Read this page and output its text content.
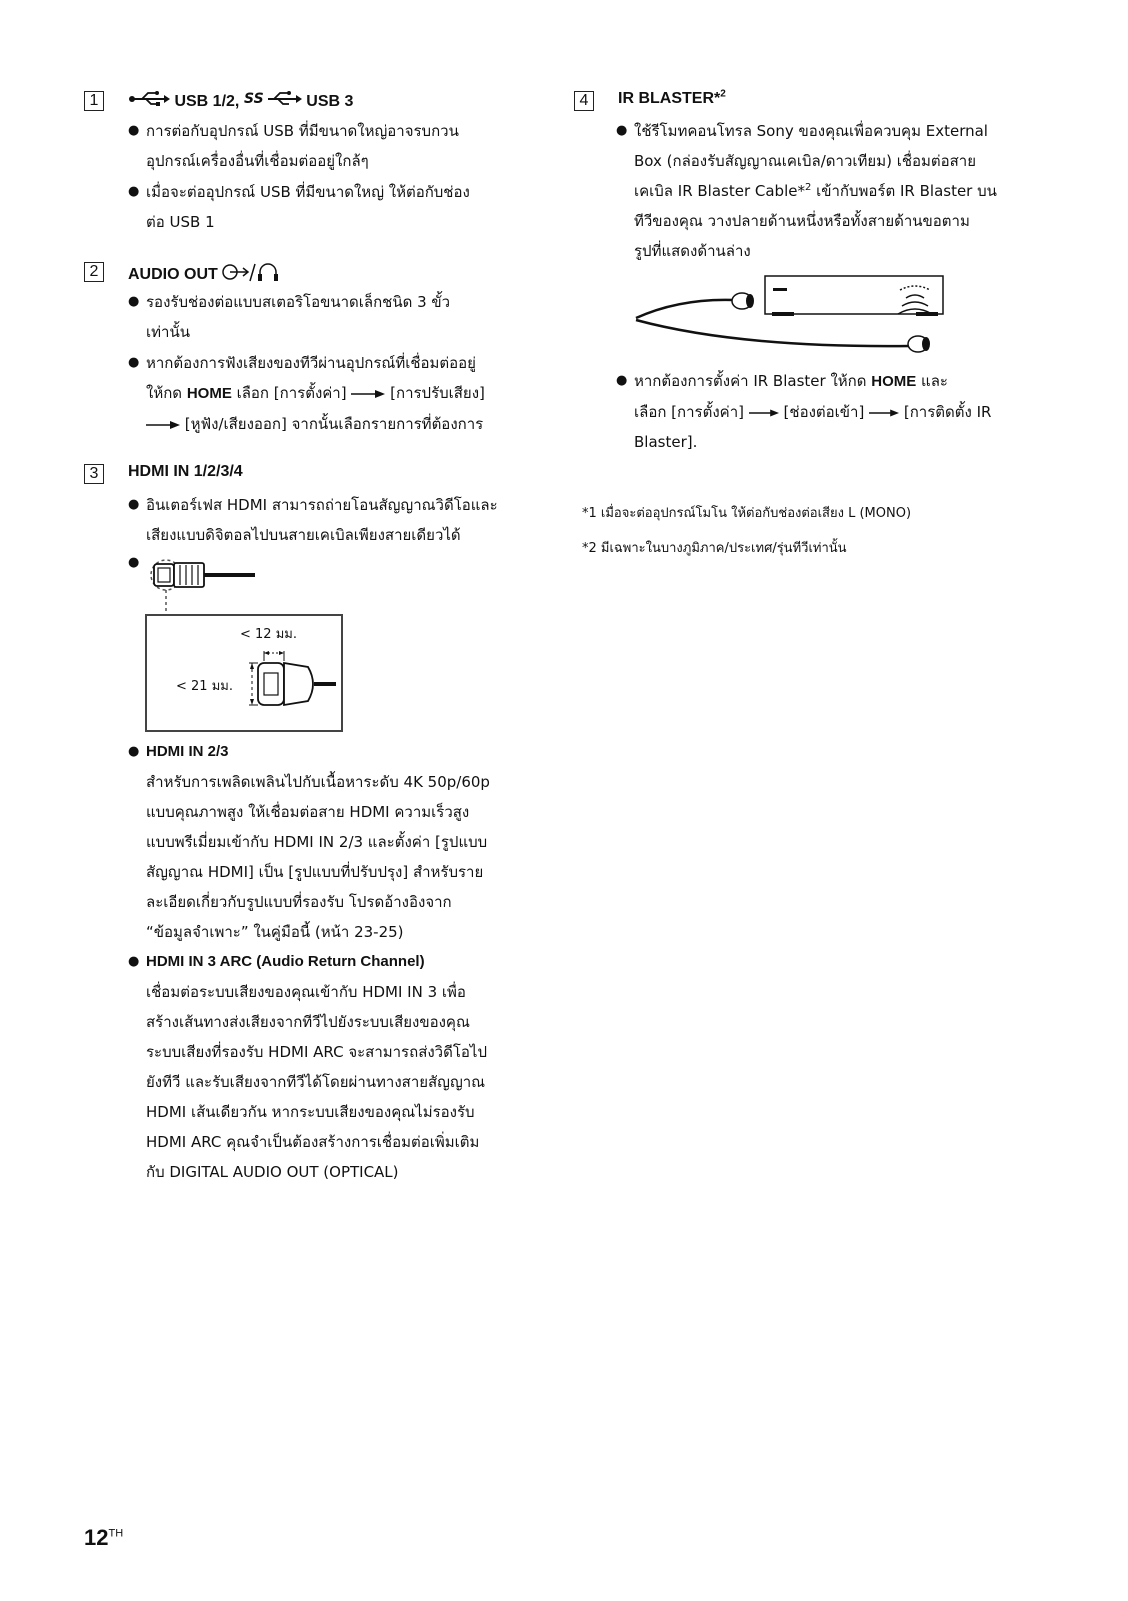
1	USB 1/2, SS	USB 3
● การต่อกับอุปกรณ์ USB ที่มีขนาดใหญ่อาจรบกวน
อุปกรณ์เครื่องอื่นที่เชื่อมต่ออยู่ใกล้ๆ
● เมื่อจะต่ออุปกรณ์ USB ที่มีขนาดใหญ่ ให้ต่อกับช่อง
ต่อ USB 1
2	AUDIO OUT
● รองรับช่องต่อแบบสเตอริโอขนาดเล็กชนิด 3 ขั้ว
เท่านั้น
● หากต้องการฟังเสียงของทีวีผ่านอุปกรณ์ที่เชื่อมต่ออยู่
ให้กด HOME เลือก [การตั้งค่า]	[การปรับเสียง]
[หูฟัง/เสียงออก] จากนั้นเลือกรายการที่ต้องการ
3	HDMI IN 1/2/3/4
● อินเตอร์เฟส HDMI สามารถถ่ายโอนสัญญาณวิดีโอและ
เสียงแบบดิจิตอลไปบนสายเคเบิลเพียงสายเดียวได้
●
< 12 มม.
< 21 มม.
● HDMI IN 2/3
สำหรับการเพลิดเพลินไปกับเนื้อหาระดับ 4K 50p/60p
แบบคุณภาพสูง ให้เชื่อมต่อสาย HDMI ความเร็วสูง
แบบพรีเมี่ยมเข้ากับ HDMI IN 2/3 และตั้งค่า [รูปแบบ
สัญญาณ HDMI] เป็น [รูปแบบที่ปรับปรุง] สำหรับราย
ละเอียดเกี่ยวกับรูปแบบที่รองรับ โปรดอ้างอิงจาก
“ข้อมูลจำเพาะ” ในคู่มือนี้ (หน้า 23-25)
● HDMI IN 3 ARC (Audio Return Channel)
เชื่อมต่อระบบเสียงของคุณเข้ากับ HDMI IN 3 เพื่อ
สร้างเส้นทางส่งเสียงจากทีวีไปยังระบบเสียงของคุณ
ระบบเสียงที่รองรับ HDMI ARC จะสามารถส่งวิดีโอไป
ยังทีวี และรับเสียงจากทีวีได้โดยผ่านทางสายสัญญาณ
HDMI เส้นเดียวกัน หากระบบเสียงของคุณไม่รองรับ
HDMI ARC คุณจำเป็นต้องสร้างการเชื่อมต่อเพิ่มเติม
กับ DIGITAL AUDIO OUT (OPTICAL)
4	IR BLASTER*$^2$
● ใช้รีโมทคอนโทรล Sony ของคุณเพื่อควบคุม External
Box (กล่องรับสัญญาณเคเบิล/ดาวเทียม) เชื่อมต่อสาย
เคเบิล IR Blaster Cable*$^2$ เข้ากับพอร์ต IR Blaster บน
ทีวีของคุณ วางปลายด้านหนึ่งหรือทั้งสายด้านขอตาม
รูปที่แสดงด้านล่าง
● หากต้องการตั้งค่า IR Blaster ให้กด HOME และ
เลือก [การตั้งค่า]	[ช่องต่อเข้า]	[การติดตั้ง IR
Blaster].
*1 เมื่อจะต่ออุปกรณ์โมโน ให้ต่อกับช่องต่อเสียง L (MONO)
*2 มีเฉพาะในบางภูมิภาค/ประเทศ/รุ่นทีวีเท่านั้น
12TH
